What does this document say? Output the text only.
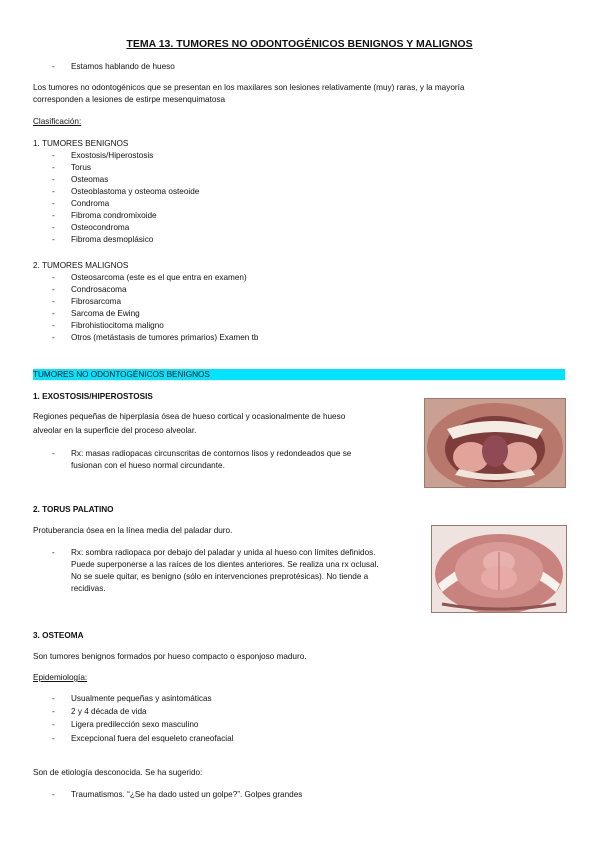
TEMA 13. TUMORES NO ODONTOGÉNICOS BENIGNOS Y MALIGNOS
- Estamos hablando de hueso
Los tumores no odontogénicos que se presentan en los maxilares son lesiones relativamente (muy) raras, y la mayoría
corresponden a lesiones de estirpe mesenquimatosa
Clasificación:
1. TUMORES BENIGNOS
- Exostosis/Hiperostosis
- Torus
- Osteomas
- Osteoblastoma y osteoma osteoide
- Condroma
- Fibroma condromixoide
- Osteocondroma
- Fibroma desmoplásico
2. TUMORES MALIGNOS
- Osteosarcoma (este es el que entra en examen)
- Condrosacoma
- Fibrosarcoma
- Sarcoma de Ewing
- Fibrohistiocitoma maligno
- Otros (metástasis de tumores primarios) Examen tb
TUMORES NO ODONTOGÉNICOS BENIGNOS
1. EXOSTOSIS/HIPEROSTOSIS
Regiones pequeñas de hiperplasia ósea de hueso cortical y ocasionalmente de hueso
alveolar en la superficie del proceso alveolar.
- Rx: masas radiopacas circunscritas de contornos lisos y redondeados que se
fusionan con el hueso normal circundante.
2. TORUS PALATINO
Protuberancia ósea en la línea media del paladar duro.
- Rx: sombra radiopaca por debajo del paladar y unida al hueso con límites definidos.
Puede superponerse a las raíces de los dientes anteriores. Se realiza una rx oclusal.
No se suele quitar, es benigno (sólo en intervenciones preprotésicas). No tiende a
recidivas.
3. OSTEOMA
Son tumores benignos formados por hueso compacto o esponjoso maduro.
Epidemiología:
- Usualmente pequeñas y asintomáticas
- 2 y 4 década de vida
- Ligera predilección sexo masculino
- Excepcional fuera del esqueleto craneofacial
Son de etiología desconocida. Se ha sugerido:
- Traumatismos. “¿Se ha dado usted un golpe?”. Golpes grandes
